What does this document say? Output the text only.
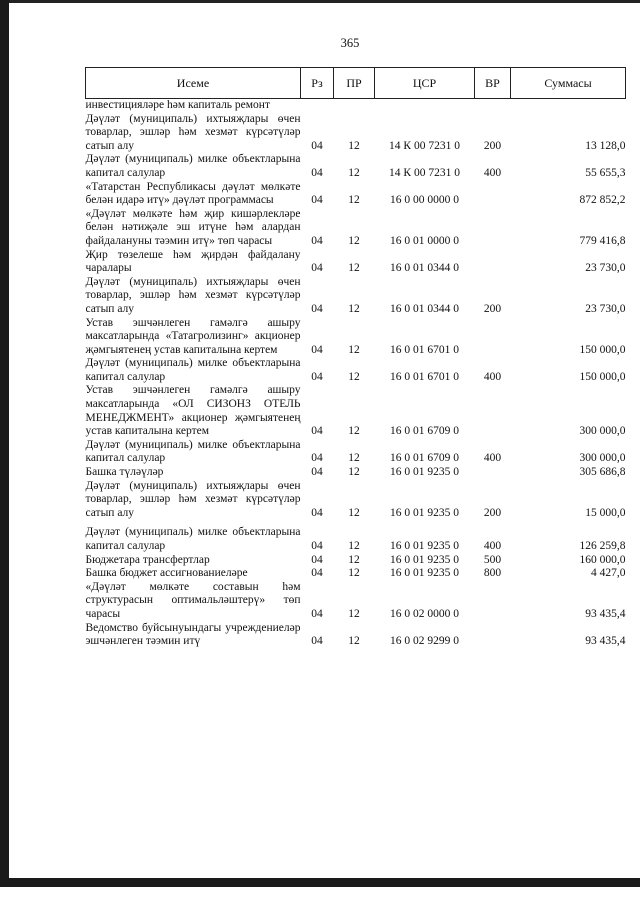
365
Исеме	Рз	ПР	ЦСР	ВР	Суммасы
инвестицияләре һәм капиталь ремонт					
Дәүләт (муниципаль) ихтыяҗлары өчен товарлар, эшләр һәм хезмәт күрсәтүләр сатып алу	04	12	14 К 00 7231 0	200	13 128,0
Дәүләт (муниципаль) милке объектларына капитал салулар	04	12	14 К 00 7231 0	400	55 655,3
«Татарстан Республикасы дәүләт мөлкәте белән идарә итү» дәүләт программасы	04	12	16 0 00 0000 0		872 852,2
«Дәүләт мөлкәте һәм җир кишәрлекләре белән нәтиҗәле эш итүне һәм алардан файдалануны тәэмин итү» төп чарасы	04	12	16 0 01 0000 0		779 416,8
Җир төзелеше һәм җирдән файдалану чаралары	04	12	16 0 01 0344 0		23 730,0
Дәүләт (муниципаль) ихтыяҗлары өчен товарлар, эшләр һәм хезмәт күрсәтүләр сатып алу	04	12	16 0 01 0344 0	200	23 730,0
Устав эшчәнлеген гамәлгә ашыру максатларында «Татагролизинг» акционер җәмгыятенең устав капиталына кертем	04	12	16 0 01 6701 0		150 000,0
Дәүләт (муниципаль) милке объектларына капитал салулар	04	12	16 0 01 6701 0	400	150 000,0
Устав эшчәнлеген гамәлгә ашыру максатларында «ОЛ СИЗОНЗ ОТЕЛЬ МЕНЕДЖМЕНТ» акционер җәмгыятенең устав капиталына кертем	04	12	16 0 01 6709 0		300 000,0
Дәүләт (муниципаль) милке объектларына капитал салулар	04	12	16 0 01 6709 0	400	300 000,0
Башка түләүләр	04	12	16 0 01 9235 0		305 686,8
Дәүләт (муниципаль) ихтыяҗлары өчен товарлар, эшләр һәм хезмәт күрсәтүләр сатып алу	04	12	16 0 01 9235 0	200	15 000,0

Дәүләт (муниципаль) милке объектларына капитал салулар	04	12	16 0 01 9235 0	400	126 259,8
Бюджетара трансфертлар	04	12	16 0 01 9235 0	500	160 000,0
Башка бюджет ассигнованиеләре	04	12	16 0 01 9235 0	800	4 427,0
«Дәүләт мөлкәте составын һәм структурасын оптимальләштерү» төп чарасы	04	12	16 0 02 0000 0		93 435,4
Ведомство буйсынуындагы учреждениеләр эшчәнлеген тәэмин итү	04	12	16 0 02 9299 0		93 435,4
